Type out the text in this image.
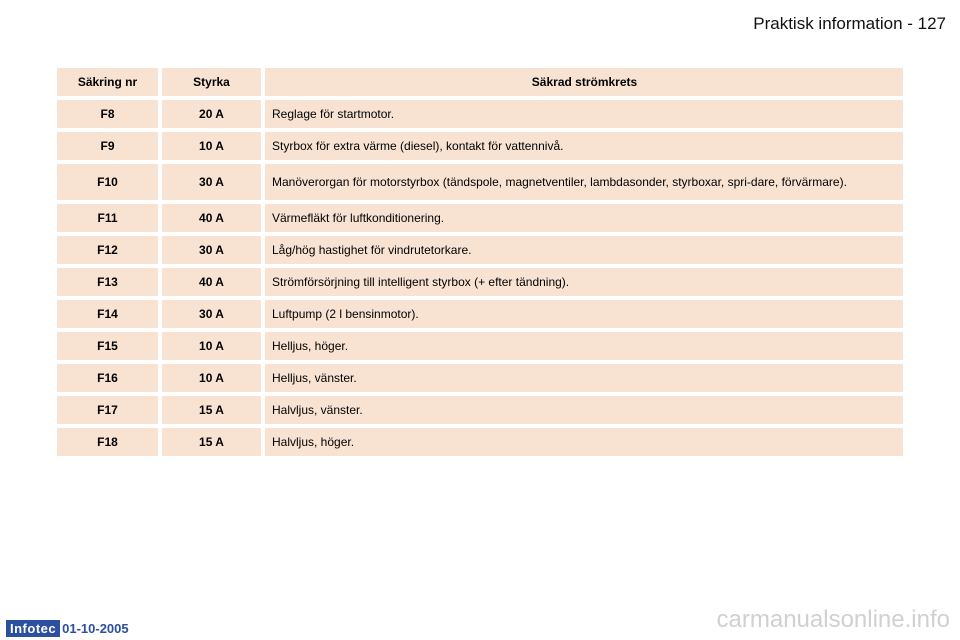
Praktisk information - 127
Säkring nr	Styrka	Säkrad strömkrets
F8	20 A	Reglage för startmotor.
F9	10 A	Styrbox för extra värme (diesel), kontakt för vattennivå.
F10	30 A	Manöverorgan för motorstyrbox (tändspole, magnetventiler, lambdasonder, styrboxar, spri-dare, förvärmare).
F11	40 A	Värmefläkt för luftkonditionering.
F12	30 A	Låg/hög hastighet för vindrutetorkare.
F13	40 A	Strömförsörjning till intelligent styrbox (+ efter tändning).
F14	30 A	Luftpump (2 l bensinmotor).
F15	10 A	Helljus, höger.
F16	10 A	Helljus, vänster.
F17	15 A	Halvljus, vänster.
F18	15 A	Halvljus, höger.
Infotec 01-10-2005	carmanualsonline.info
